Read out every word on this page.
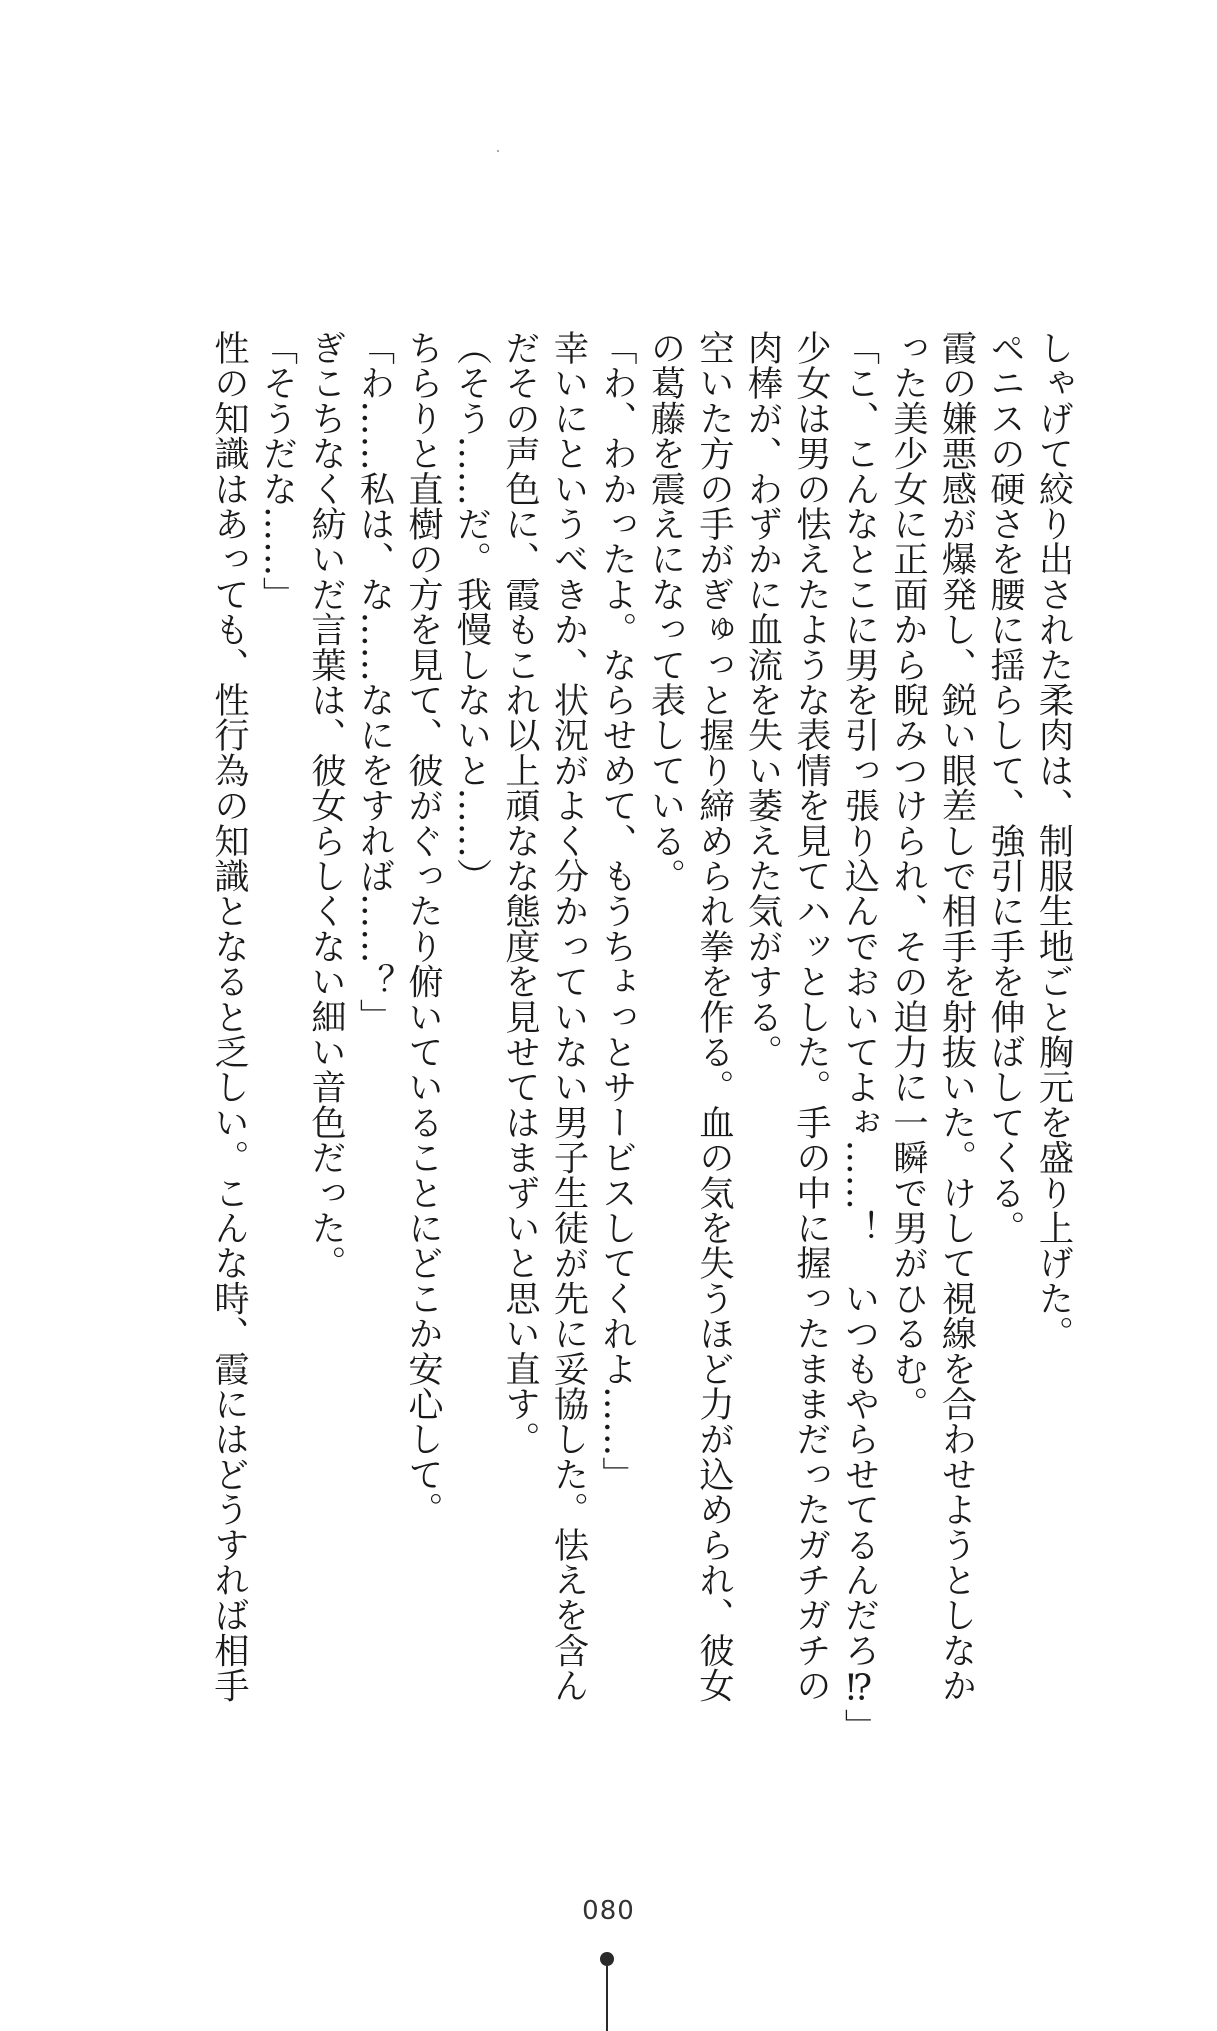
しゃげて絞り出された柔肉は、制服生地ごと胸元を盛り上げた。
ペニスの硬さを腰に揺らして、強引に手を伸ばしてくる。
霞の嫌悪感が爆発し、鋭い眼差しで相手を射抜いた。けして視線を合わせようとしなか
った美少女に正面から睨みつけられ、その迫力に一瞬で男がひるむ。
「こ、こんなとこに男を引っ張り込んでおいてよぉ……！　いつもやらせてるんだろ⁉」
少女は男の怯えたような表情を見てハッとした。手の中に握ったままだったガチガチの
肉棒が、わずかに血流を失い萎えた気がする。
空いた方の手がぎゅっと握り締められ拳を作る。血の気を失うほど力が込められ、彼女
の葛藤を震えになって表している。
「わ、わかったよ。ならせめて、もうちょっとサービスしてくれよ……」
幸いにというべきか、状況がよく分かっていない男子生徒が先に妥協した。怯えを含ん
だその声色に、霞もこれ以上頑なな態度を見せてはまずいと思い直す。
（そう……だ。我慢しないと……）
ちらりと直樹の方を見て、彼がぐったり俯いていることにどこか安心して。
「わ……私は、な……なにをすれば……？」
ぎこちなく紡いだ言葉は、彼女らしくない細い音色だった。
「そうだな……」
性の知識はあっても、性行為の知識となると乏しい。こんな時、霞にはどうすれば相手
080
